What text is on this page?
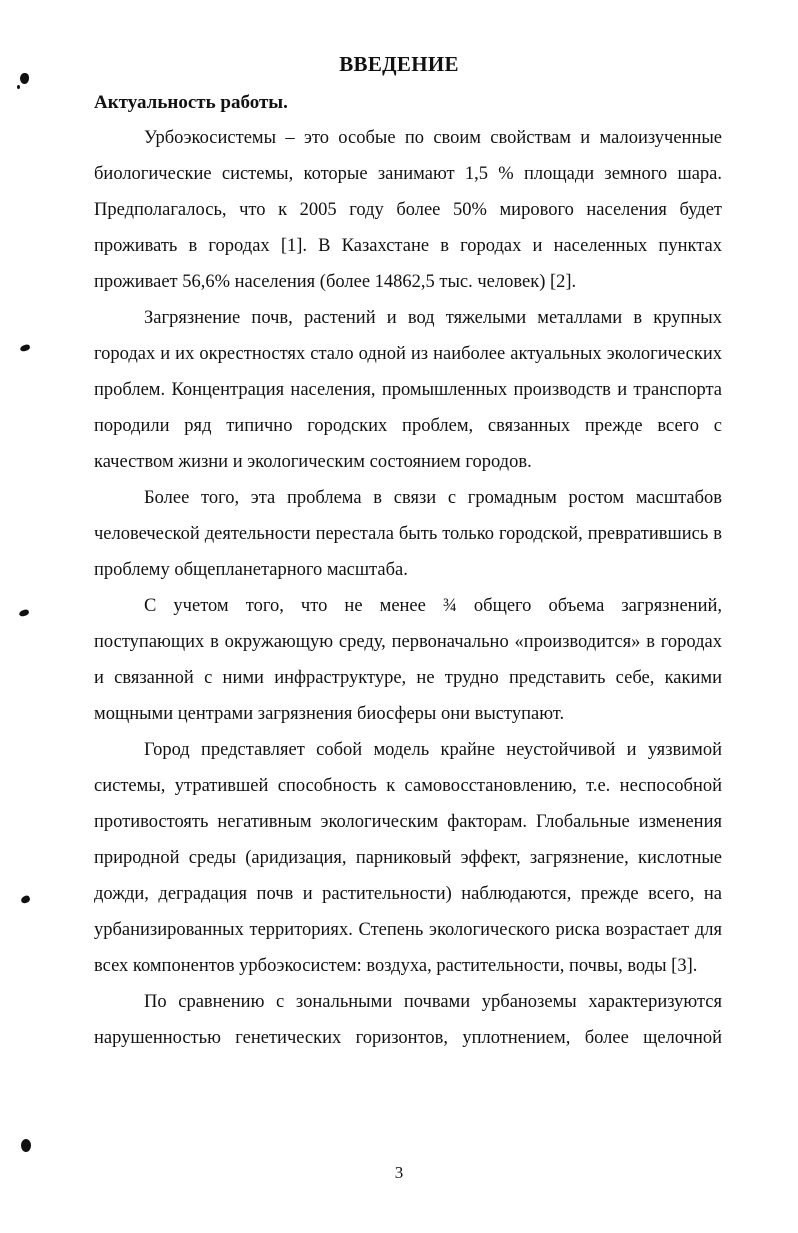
ВВЕДЕНИЕ
Актуальность работы.

Урбоэкосистемы – это особые по своим свойствам и малоизученные биологические системы, которые занимают 1,5 % площади земного шара. Предполагалось, что к 2005 году более 50% мирового населения будет проживать в городах [1]. В Казахстане в городах и населенных пунктах проживает 56,6% населения (более 14862,5 тыс. человек) [2].

Загрязнение почв, растений и вод тяжелыми металлами в крупных городах и их окрестностях стало одной из наиболее актуальных экологических проблем. Концентрация населения, промышленных производств и транспорта породили ряд типично городских проблем, связанных прежде всего с качеством жизни и экологическим состоянием городов.

Более того, эта проблема в связи с громадным ростом масштабов человеческой деятельности перестала быть только городской, превратившись в проблему общепланетарного масштаба.

С учетом того, что не менее ¾ общего объема загрязнений, поступающих в окружающую среду, первоначально «производится» в городах и связанной с ними инфраструктуре, не трудно представить себе, какими мощными центрами загрязнения биосферы они выступают.

Город представляет собой модель крайне неустойчивой и уязвимой системы, утратившей способность к самовосстановлению, т.е. неспособной противостоять негативным экологическим факторам. Глобальные изменения природной среды (аридизация, парниковый эффект, загрязнение, кислотные дожди, деградация почв и растительности) наблюдаются, прежде всего, на урбанизированных территориях. Степень экологического риска возрастает для всех компонентов урбоэкосистем: воздуха, растительности, почвы, воды [3].

По сравнению с зональными почвами урбаноземы характеризуются нарушенностью генетических горизонтов, уплотнением, более щелочной

3
